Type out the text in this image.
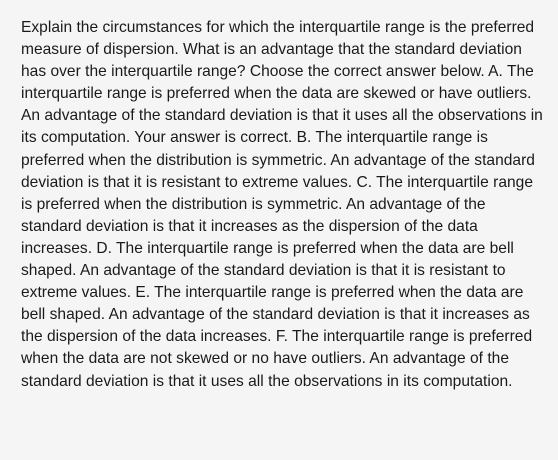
Explain the circumstances for which the interquartile range is the preferred measure of dispersion. What is an advantage that the standard deviation has over the interquartile range? Choose the correct answer below. A. The interquartile range is preferred when the data are skewed or have outliers. An advantage of the standard deviation is that it uses all the observations in its computation. Your answer is correct. B. The interquartile range is preferred when the distribution is symmetric. An advantage of the standard deviation is that it is resistant to extreme values. C. The interquartile range is preferred when the distribution is symmetric. An advantage of the standard deviation is that it increases as the dispersion of the data increases. D. The interquartile range is preferred when the data are bell shaped. An advantage of the standard deviation is that it is resistant to extreme values. E. The interquartile range is preferred when the data are bell shaped. An advantage of the standard deviation is that it increases as the dispersion of the data increases. F. The interquartile range is preferred when the data are not skewed or no have outliers. An advantage of the standard deviation is that it uses all the observations in its computation.
